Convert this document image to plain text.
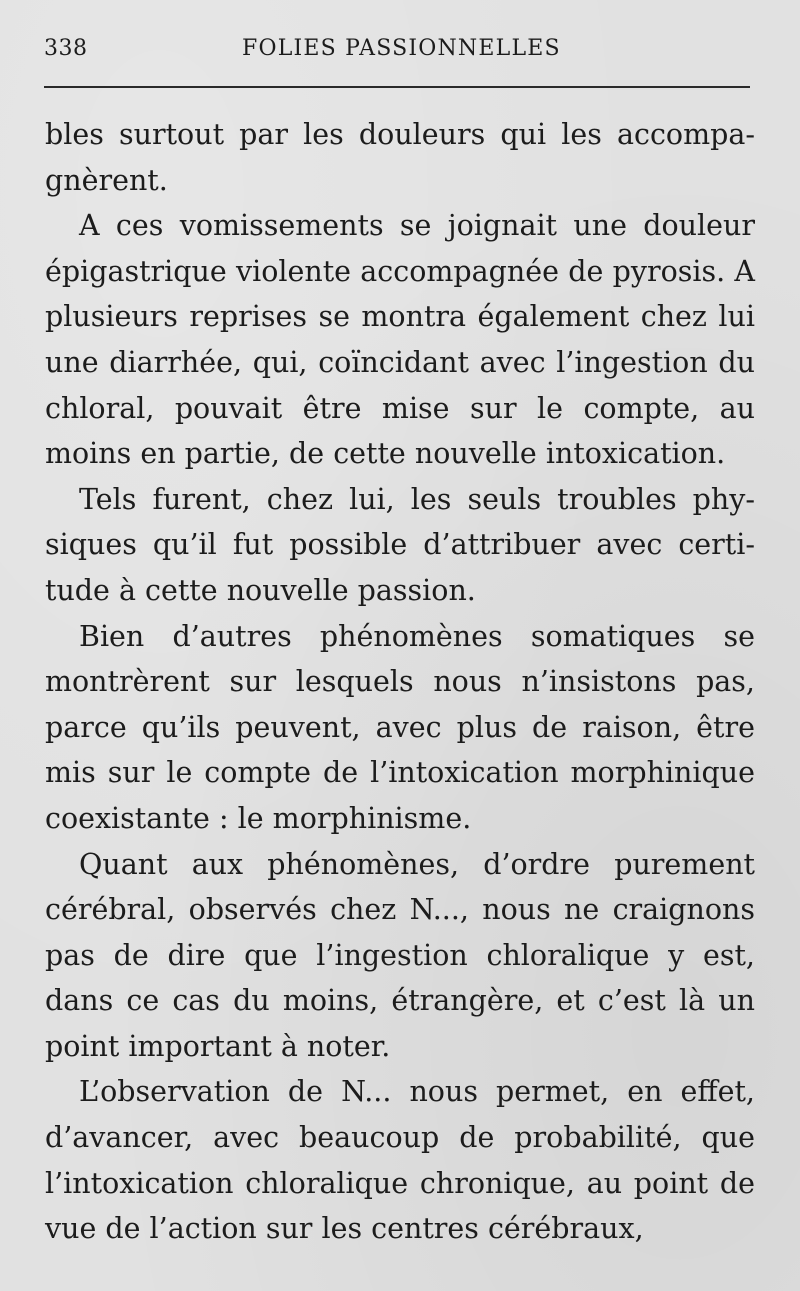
338	FOLIES PASSIONNELLES

bles surtout par les douleurs qui les accompagnèrent.

A ces vomissements se joignait une douleur épigastrique violente accompagnée de pyrosis. A plusieurs reprises se montra également chez lui une diarrhée, qui, coïncidant avec l’ingestion du chloral, pouvait être mise sur le compte, au moins en partie, de cette nouvelle intoxication.

Tels furent, chez lui, les seuls troubles physiques qu’il fut possible d’attribuer avec certitude à cette nouvelle passion.

Bien d’autres phénomènes somatiques se montrèrent sur lesquels nous n’insistons pas, parce qu’ils peuvent, avec plus de raison, être mis sur le compte de l’intoxication morphinique coexistante : le morphinisme.

Quant aux phénomènes, d’ordre purement cérébral, observés chez N..., nous ne craignons pas de dire que l’ingestion chloralique y est, dans ce cas du moins, étrangère, et c’est là un point important à noter.

L’observation de N... nous permet, en effet, d’avancer, avec beaucoup de probabilité, que l’intoxication chloralique chronique, au point de vue de l’action sur les centres cérébraux,
